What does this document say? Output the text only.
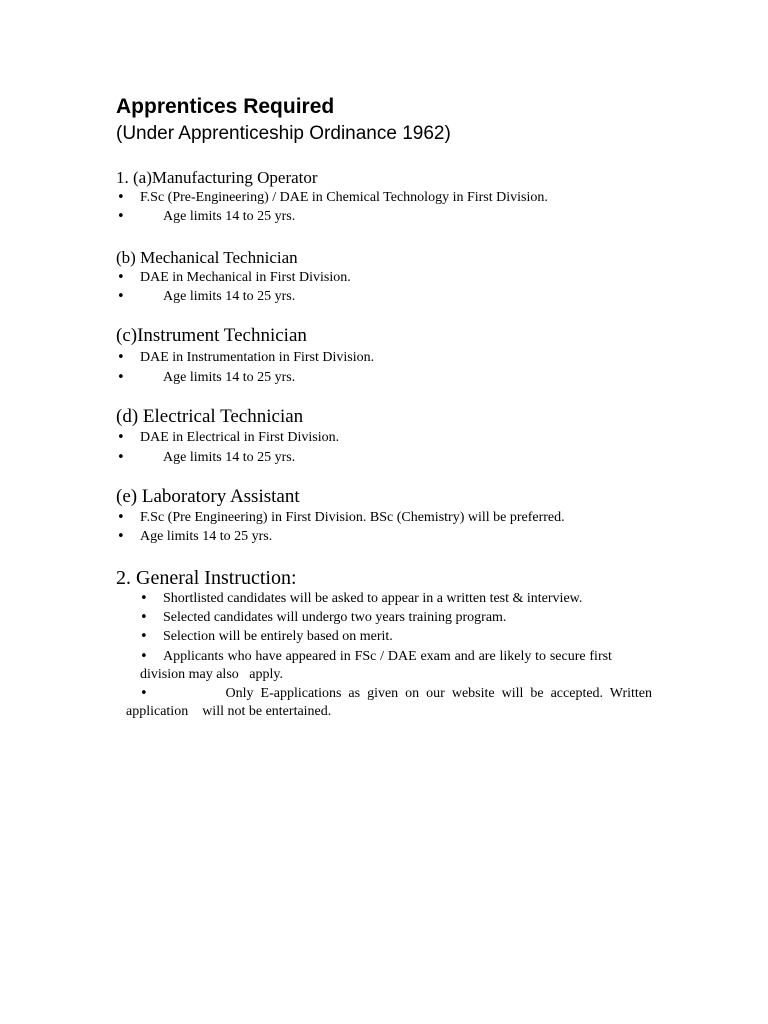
Apprentices Required
(Under Apprenticeship Ordinance 1962)
1. (a)Manufacturing Operator
• F.Sc (Pre-Engineering) / DAE in Chemical Technology in First Division.
•	Age limits 14 to 25 yrs.
(b) Mechanical Technician
• DAE in Mechanical in First Division.
•	Age limits 14 to 25 yrs.
(c)Instrument Technician
• DAE in Instrumentation in First Division.
•	Age limits 14 to 25 yrs.
(d) Electrical Technician
• DAE in Electrical in First Division.
•	Age limits 14 to 25 yrs.
(e) Laboratory Assistant
• F.Sc (Pre Engineering) in First Division. BSc (Chemistry) will be preferred.
• Age limits 14 to 25 yrs.
2. General Instruction:
• Shortlisted candidates will be asked to appear in a written test & interview.
• Selected candidates will undergo two years training program.
• Selection will be entirely based on merit.
• Applicants who have appeared in FSc / DAE exam and are likely to secure first
division may also   apply.
•	Only  E-applications  as  given  on  our  website  will  be  accepted.  Written
application    will not be entertained.
